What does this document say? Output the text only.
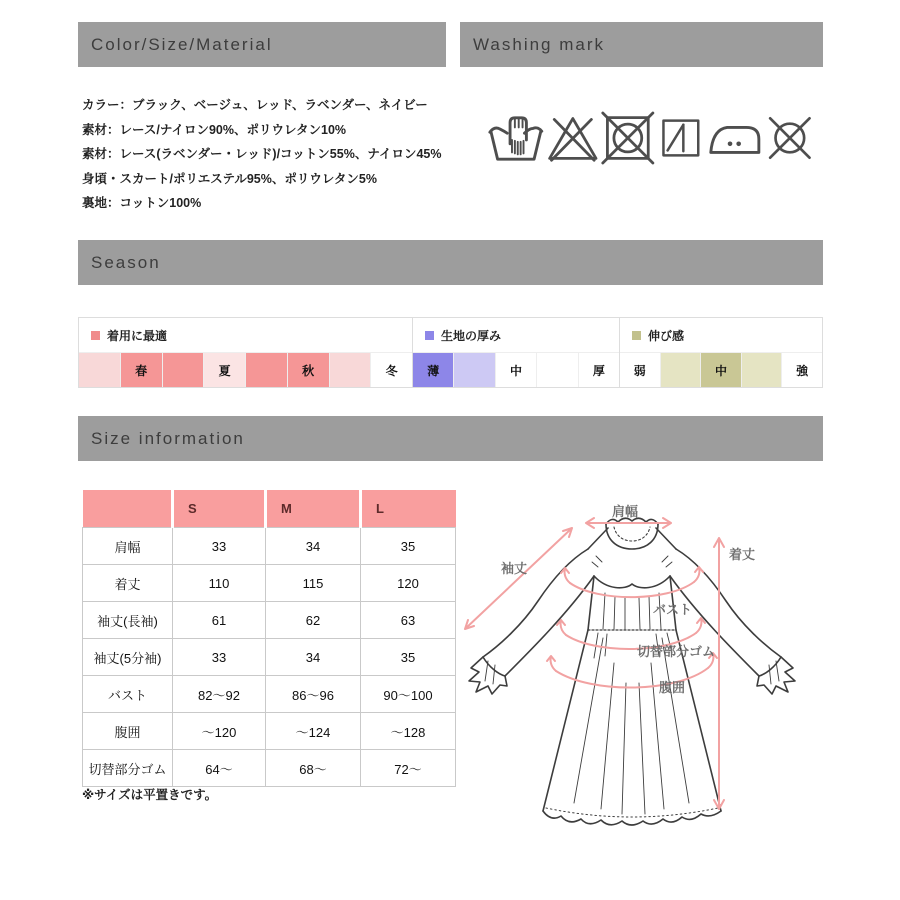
Color/Size/Material	Washing mark
カラー：ブラック、ベージュ、レッド、ラベンダー、ネイビー
素材：レース/ナイロン90%、ポリウレタン10%
素材：レース(ラベンダー・レッド)/コットン55%、ナイロン45%
身頃・スカート/ポリエステル95%、ポリウレタン5%
裏地：コットン100%
Season
着用に最適
春	夏	秋	冬
生地の厚み
薄	中	厚
伸び感
弱	中	強
Size information
	S	M	L
肩幅	33	34	35
着丈	110	115	120
袖丈(長袖)	61	62	63
袖丈(5分袖)	33	34	35
バスト	82～92	86～96	90～100
腹囲	～120	～124	～128
切替部分ゴム	64～	68～	72～
※サイズは平置きです。
肩幅
袖丈
着丈
バスト
切替部分ゴム
腹囲
